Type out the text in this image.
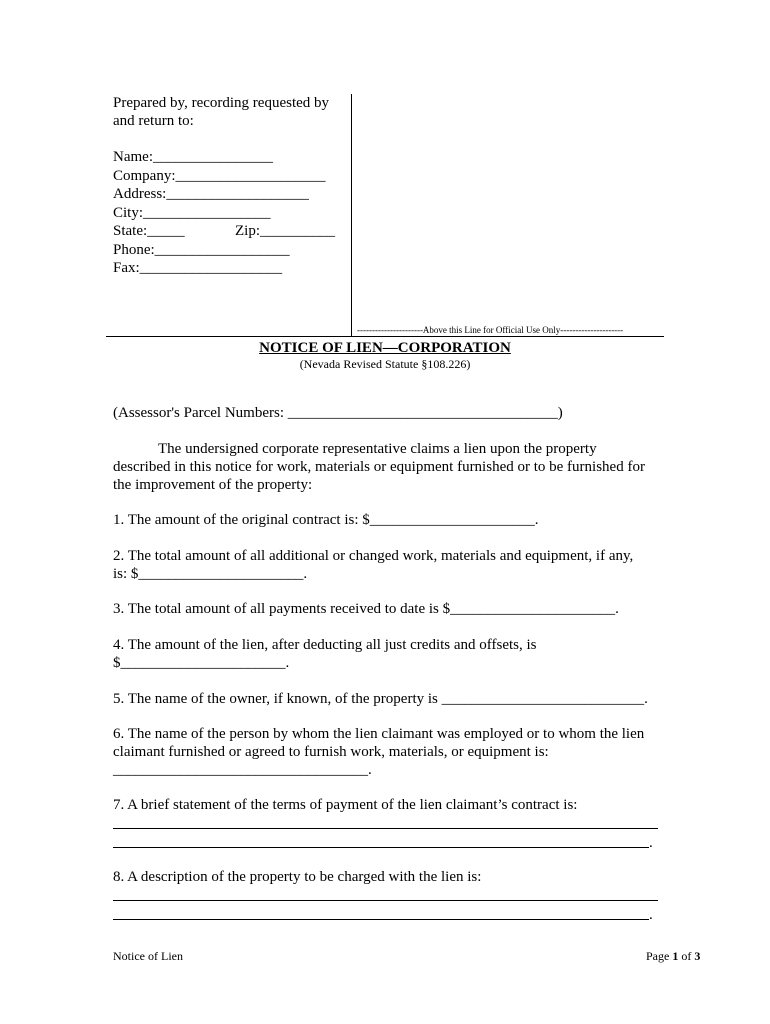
Prepared by, recording requested by
and return to:
Name:________________
Company:____________________
Address:___________________
City:_________________
State:_____	Zip:__________
Phone:__________________
Fax:___________________
----------------------Above this Line for Official Use Only---------------------
NOTICE OF LIEN—CORPORATION
(Nevada Revised Statute §108.226)
(Assessor's Parcel Numbers: ____________________________________)
The undersigned corporate representative claims a lien upon the property
described in this notice for work, materials or equipment furnished or to be furnished for
the improvement of the property:
1. The amount of the original contract is: $______________________.
2. The total amount of all additional or changed work, materials and equipment, if any,
is: $______________________.
3. The total amount of all payments received to date is $______________________.
4. The amount of the lien, after deducting all just credits and offsets, is
$______________________.
5. The name of the owner, if known, of the property is ___________________________.
6. The name of the person by whom the lien claimant was employed or to whom the lien
claimant furnished or agreed to furnish work, materials, or equipment is:
__________________________________.
7. A brief statement of the terms of payment of the lien claimant’s contract is:
.
8. A description of the property to be charged with the lien is:
.
Notice of Lien	Page 1 of 3
